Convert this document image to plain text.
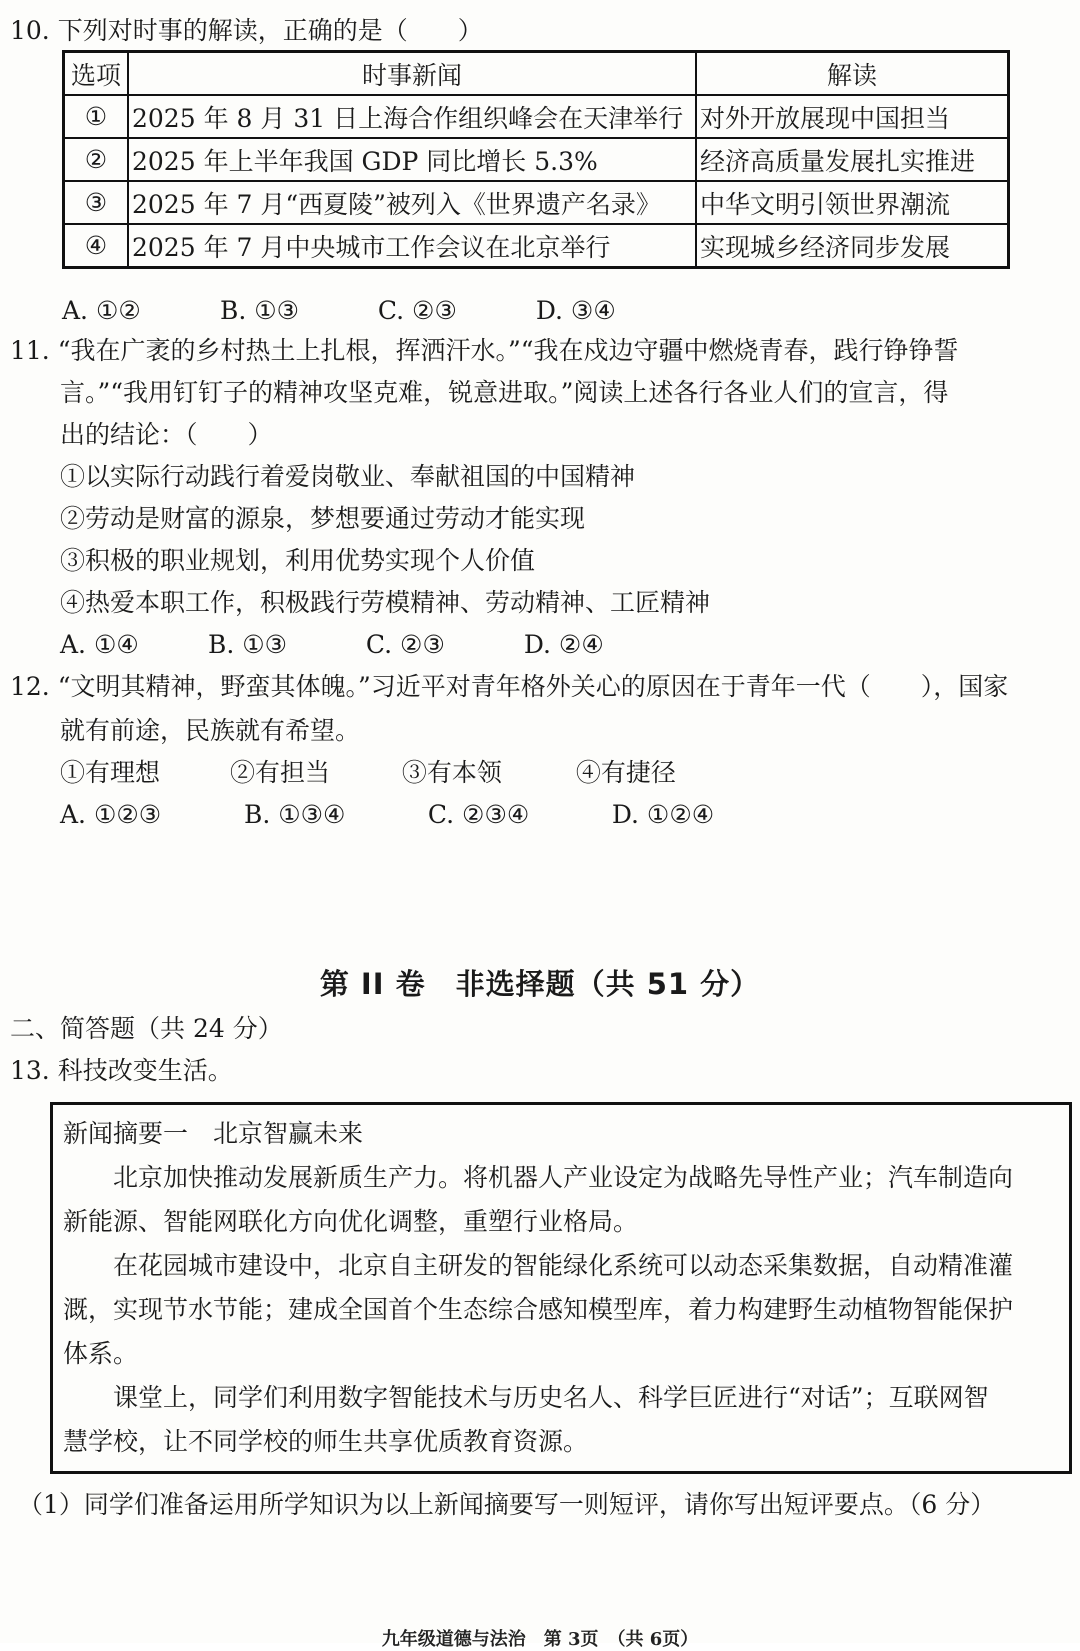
10. 下列对时事的解读，正确的是（　　）
选项	时事新闻	解读
①	2025 年 8 月 31 日上海合作组织峰会在天津举行	对外开放展现中国担当
②	2025 年上半年我国 GDP 同比增长 5.3%	经济高质量发展扎实推进
③	2025 年 7 月“西夏陵”被列入《世界遗产名录》	中华文明引领世界潮流
④	2025 年 7 月中央城市工作会议在北京举行	实现城乡经济同步发展
A. ①②	B. ①③	C. ②③	D. ③④
11. “我在广袤的乡村热土上扎根，挥洒汗水。”“我在戍边守疆中燃烧青春，践行铮铮誓
言。”“我用钉钉子的精神攻坚克难，锐意进取。”阅读上述各行各业人们的宣言，得
出的结论：（　　）
①以实际行动践行着爱岗敬业、奉献祖国的中国精神
②劳动是财富的源泉，梦想要通过劳动才能实现
③积极的职业规划，利用优势实现个人价值
④热爱本职工作，积极践行劳模精神、劳动精神、工匠精神
A. ①④	B. ①③	C. ②③	D. ②④
12. “文明其精神，野蛮其体魄。”习近平对青年格外关心的原因在于青年一代（　　），国家
就有前途，民族就有希望。
①有理想	②有担当	③有本领	④有捷径
A. ①②③	B. ①③④	C. ②③④	D. ①②④
第 II 卷　非选择题（共 51 分）
二、简答题（共 24 分）
13. 科技改变生活。
新闻摘要一　北京智赢未来
北京加快推动发展新质生产力。将机器人产业设定为战略先导性产业；汽车制造向
新能源、智能网联化方向优化调整，重塑行业格局。
在花园城市建设中，北京自主研发的智能绿化系统可以动态采集数据，自动精准灌
溉，实现节水节能；建成全国首个生态综合感知模型库，着力构建野生动植物智能保护
体系。
课堂上，同学们利用数字智能技术与历史名人、科学巨匠进行“对话”；互联网智
慧学校，让不同学校的师生共享优质教育资源。
（1）同学们准备运用所学知识为以上新闻摘要写一则短评，请你写出短评要点。（6 分）
九年级道德与法治　第 3页　（共 6页）
